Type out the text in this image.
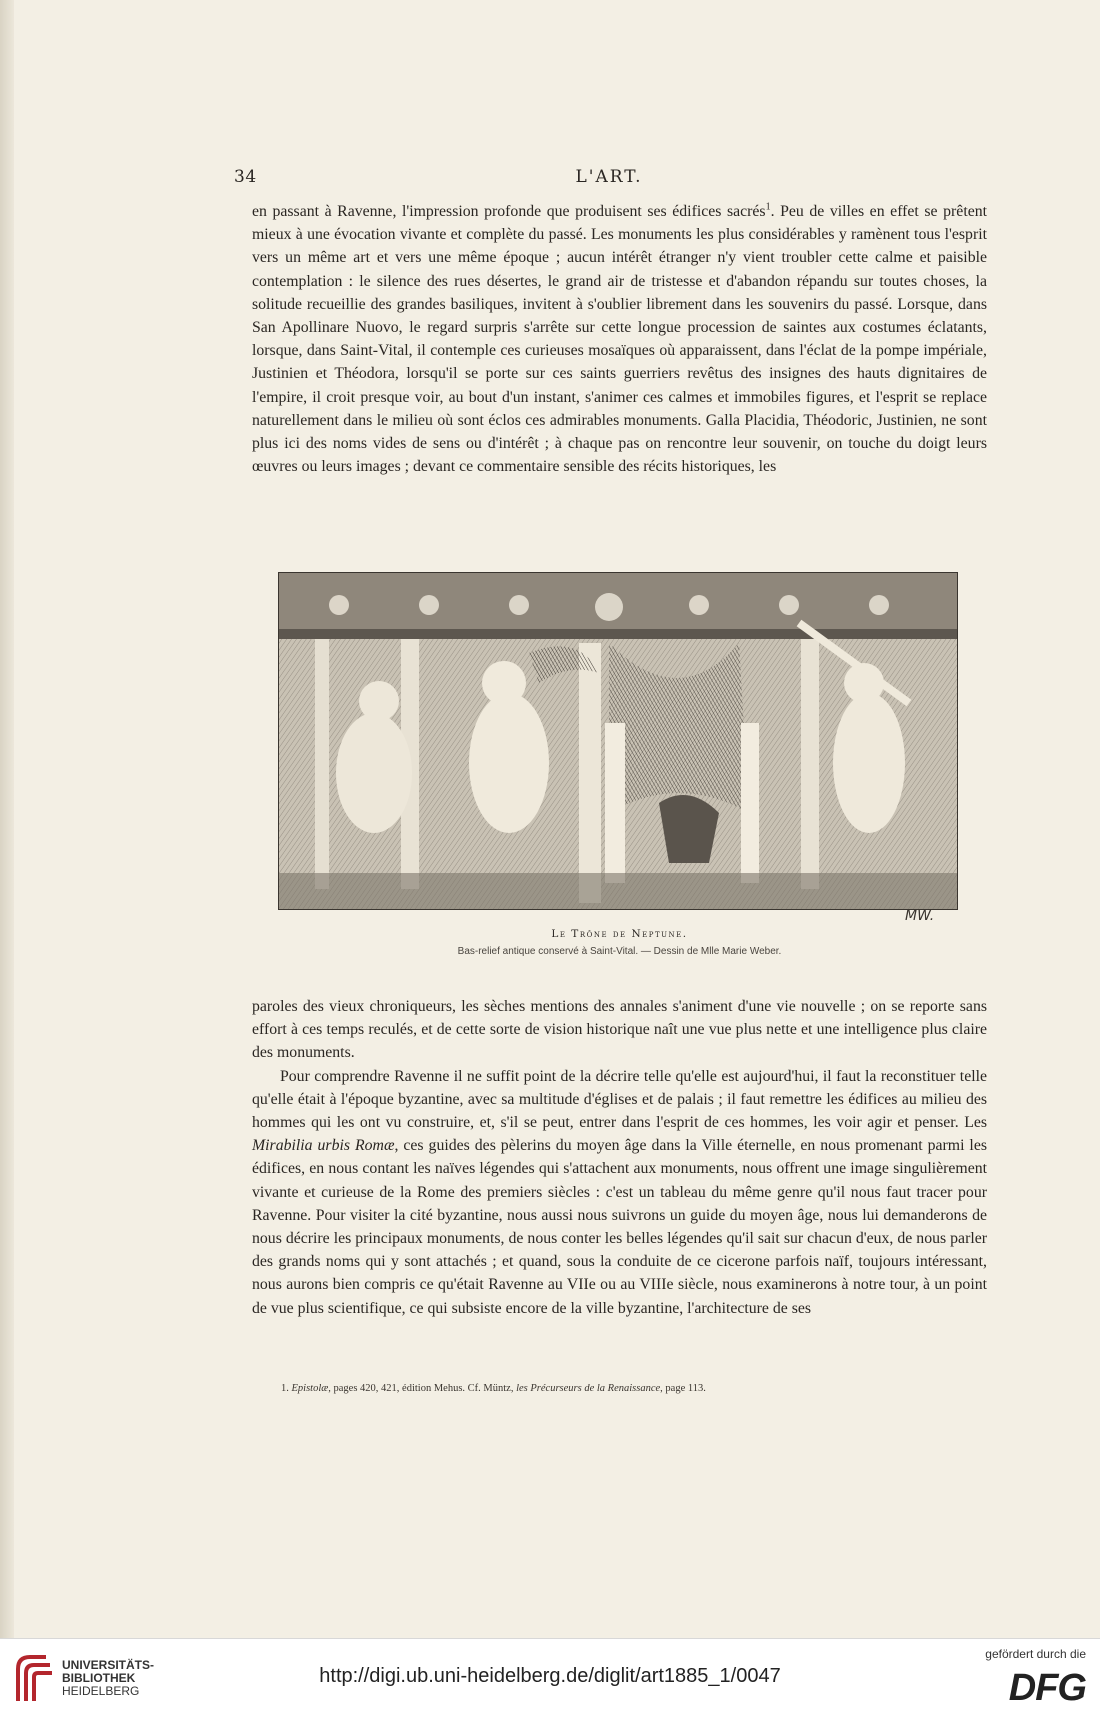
34	L'ART.

en passant à Ravenne, l'impression profonde que produisent ses édifices sacrés$^1$. Peu de villes en effet se prêtent mieux à une évocation vivante et complète du passé. Les monuments les plus considérables y ramènent tous l'esprit vers un même art et vers une même époque ; aucun intérêt étranger n'y vient troubler cette calme et paisible contemplation : le silence des rues désertes, le grand air de tristesse et d'abandon répandu sur toutes choses, la solitude recueillie des grandes basiliques, invitent à s'oublier librement dans les souvenirs du passé. Lorsque, dans San Apollinare Nuovo, le regard surpris s'arrête sur cette longue procession de saintes aux costumes éclatants, lorsque, dans Saint-Vital, il contemple ces curieuses mosaïques où apparaissent, dans l'éclat de la pompe impériale, Justinien et Théodora, lorsqu'il se porte sur ces saints guerriers revêtus des insignes des hauts dignitaires de l'empire, il croit presque voir, au bout d'un instant, s'animer ces calmes et immobiles figures, et l'esprit se replace naturellement dans le milieu où sont éclos ces admirables monuments. Galla Placidia, Théodoric, Justinien, ne sont plus ici des noms vides de sens ou d'intérêt ; à chaque pas on rencontre leur souvenir, on touche du doigt leurs œuvres ou leurs images ; devant ce commentaire sensible des récits historiques, les

MW.
Le Trône de Neptune.
Bas-relief antique conservé à Saint-Vital. — Dessin de Mlle Marie Weber.

paroles des vieux chroniqueurs, les sèches mentions des annales s'animent d'une vie nouvelle ; on se reporte sans effort à ces temps reculés, et de cette sorte de vision historique naît une vue plus nette et une intelligence plus claire des monuments.

Pour comprendre Ravenne il ne suffit point de la décrire telle qu'elle est aujourd'hui, il faut la reconstituer telle qu'elle était à l'époque byzantine, avec sa multitude d'églises et de palais ; il faut remettre les édifices au milieu des hommes qui les ont vu construire, et, s'il se peut, entrer dans l'esprit de ces hommes, les voir agir et penser. Les Mirabilia urbis Romæ, ces guides des pèlerins du moyen âge dans la Ville éternelle, en nous promenant parmi les édifices, en nous contant les naïves légendes qui s'attachent aux monuments, nous offrent une image singulièrement vivante et curieuse de la Rome des premiers siècles : c'est un tableau du même genre qu'il nous faut tracer pour Ravenne. Pour visiter la cité byzantine, nous aussi nous suivrons un guide du moyen âge, nous lui demanderons de nous décrire les principaux monuments, de nous conter les belles légendes qu'il sait sur chacun d'eux, de nous parler des grands noms qui y sont attachés ; et quand, sous la conduite de ce cicerone parfois naïf, toujours intéressant, nous aurons bien compris ce qu'était Ravenne au VIIe ou au VIIIe siècle, nous examinerons à notre tour, à un point de vue plus scientifique, ce qui subsiste encore de la ville byzantine, l'architecture de ses

1. Epistolæ, pages 420, 421, édition Mehus. Cf. Müntz, les Précurseurs de la Renaissance, page 113.
UNIVERSITÄTS-
BIBLIOTHEK
HEIDELBERG
http://digi.ub.uni-heidelberg.de/diglit/art1885_1/0047
gefördert durch die
DFG
